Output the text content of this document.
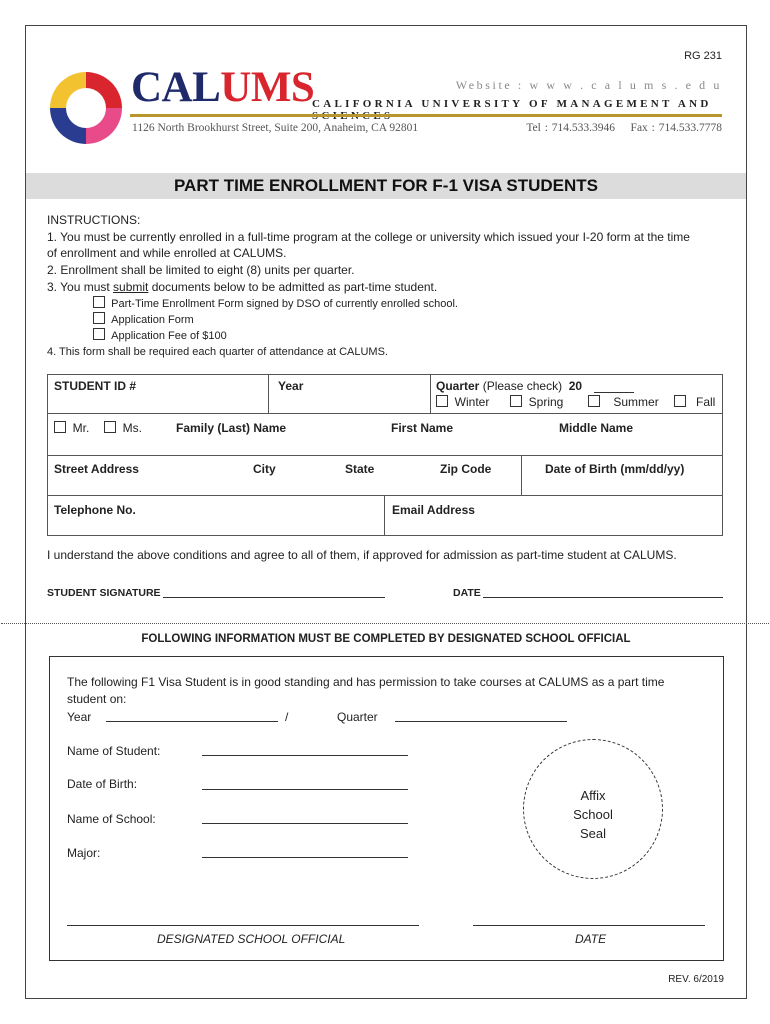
RG 231
Website : w w w . c a l u m s . e d u
CALUMS
CALIFORNIA UNIVERSITY OF MANAGEMENT AND
1126 North Brookhurst Street, Suite 200, Anaheim, CA 92801	Tel : 714.533.3946 Fax : 714.533.7778
PART TIME ENROLLMENT FOR F-1 VISA STUDENTS
INSTRUCTIONS:
1. You must be currently enrolled in a full-time program at the college or university which issued your I-20 form at the time
of enrollment and while enrolled at CALUMS.
2. Enrollment shall be limited to eight (8) units per quarter.
3. You must submit documents below to be admitted as part-time student.
Part-Time Enrollment Form signed by DSO of currently enrolled school.
Application Form
Application Fee of $100
4. This form shall be required each quarter of attendance at CALUMS.
STUDENT ID #	Year	Quarter (Please check) 20
Winter	Spring	Summer	Fall
Mr.	Ms.	Family (Last) Name	First Name	Middle Name
Street Address	City	State	Zip Code	Date of Birth (mm/dd/yy)
Telephone No.	Email Address
I understand the above conditions and agree to all of them, if approved for admission as part-time student at CALUMS.
STUDENT SIGNATURE	DATE
FOLLOWING INFORMATION MUST BE COMPLETED BY DESIGNATED SCHOOL OFFICIAL
The following F1 Visa Student is in good standing and has permission to take courses at CALUMS as a part time
student on:
Year	/	Quarter
Name of Student:
Date of Birth:
Name of School:
Major:
Affix
School
Seal
DESIGNATED SCHOOL OFFICIAL	DATE
REV. 6/2019
